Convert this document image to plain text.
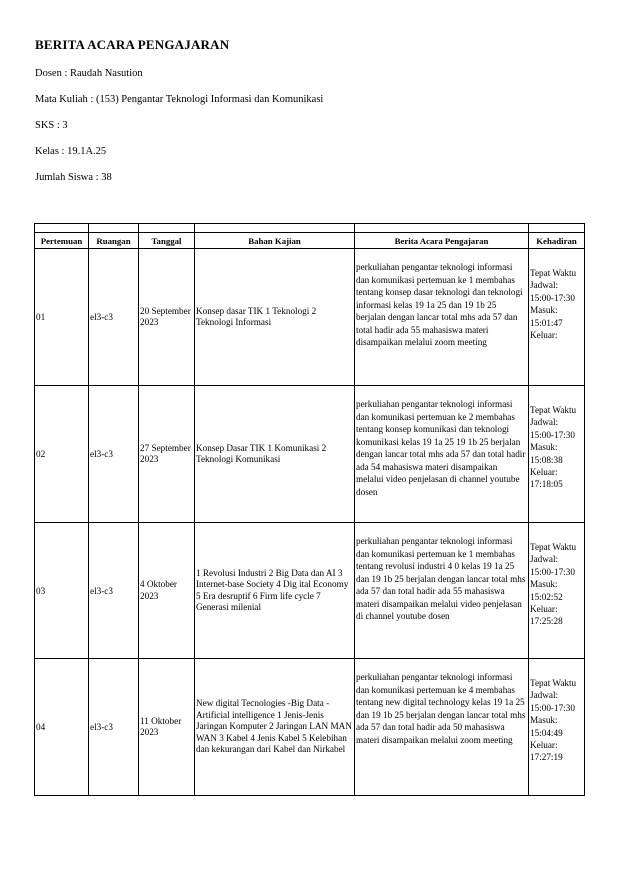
BERITA ACARA PENGAJARAN
Dosen : Raudah Nasution
Mata Kuliah : (153) Pengantar Teknologi Informasi dan Komunikasi
SKS : 3
Kelas : 19.1A.25
Jumlah Siswa : 38

Pertemuan	Ruangan	Tanggal	Bahan Kajian	Berita Acara Pengajaran	Kehadiran
01	el3-c3	20 September 2023	Konsep dasar TIK 1 Teknologi 2 Teknologi Informasi	perkuliahan pengantar teknologi informasi dan komunikasi pertemuan ke 1 membahas tentang konsep dasar teknologi dan teknologi informasi kelas 19 1a 25 dan 19 1b 25 berjalan dengan lancar total mhs ada 57 dan total hadir ada 55 mahasiswa materi disampaikan melalui zoom meeting	Tepat Waktu Jadwal: 15:00-17:30 Masuk: 15:01:47 Keluar:
02	el3-c3	27 September 2023	Konsep Dasar TIK 1 Komunikasi 2 Teknologi Komunikasi	perkuliahan pengantar teknologi informasi dan komunikasi pertemuan ke 2 membahas tentang konsep komunikasi dan teknologi komunikasi kelas 19 1a 25 19 1b 25 berjalan dengan lancar total mhs ada 57 dan total hadir ada 54 mahasiswa materi disampaikan melalui video penjelasan di channel youtube dosen	Tepat Waktu Jadwal: 15:00-17:30 Masuk: 15:08:38 Keluar: 17:18:05
03	el3-c3	4 Oktober 2023	1 Revolusi Industri 2 Big Data dan AI 3 Internet-base Society 4 Dig ital Economy 5 Era desruptif 6 Firm life cycle 7 Generasi milenial	perkuliahan pengantar teknologi informasi dan komunikasi pertemuan ke 1 membahas tentang revolusi industri 4 0 kelas 19 1a 25 dan 19 1b 25 berjalan dengan lancar total mhs ada 57 dan total hadir ada 55 mahasiswa materi disampaikan melalui video penjelasan di channel youtube dosen	Tepat Waktu Jadwal: 15:00-17:30 Masuk: 15:02:52 Keluar: 17:25:28
04	el3-c3	11 Oktober 2023	New digital Tecnologies -Big Data -Artificial intelligence 1 Jenis-Jenis Jaringan Komputer 2 Jaringan LAN MAN WAN 3 Kabel 4 Jenis Kabel 5 Kelebihan dan kekurangan dari Kabel dan Nirkabel	perkuliahan pengantar teknologi informasi dan komunikasi pertemuan ke 4 membahas tentang new digital technology kelas 19 1a 25 dan 19 1b 25 berjalan dengan lancar total mhs ada 57 dan total hadir ada 50 mahasiswa materi disampaikan melalui zoom meeting	Tepat Waktu Jadwal: 15:00-17:30 Masuk: 15:04:49 Keluar: 17:27:19
